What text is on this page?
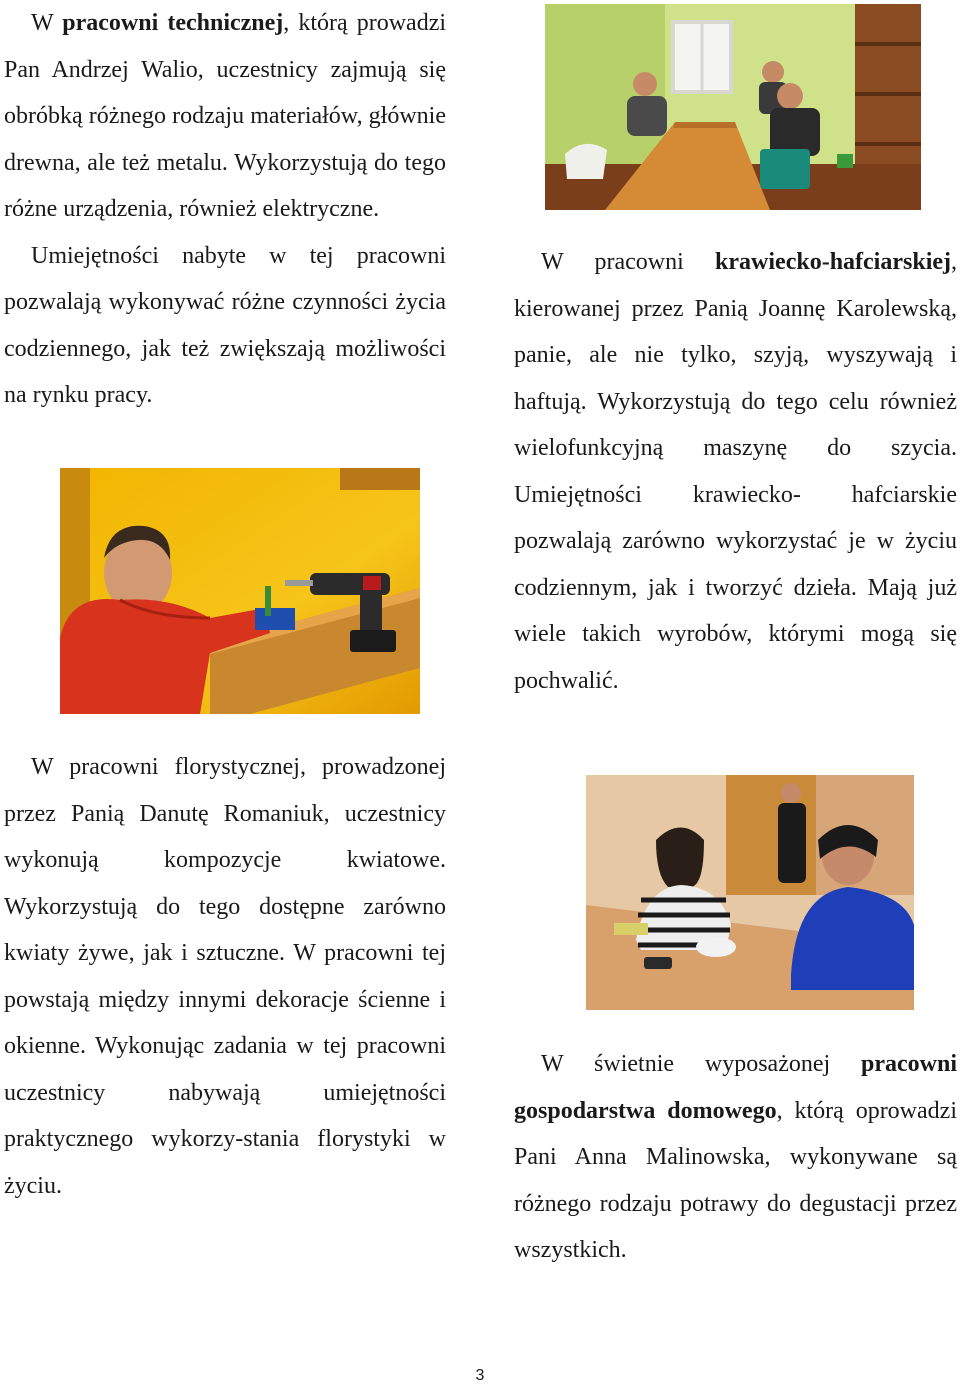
W pracowni technicznej, którą prowadzi Pan Andrzej Walio, uczestnicy zajmują się obróbką różnego rodzaju materiałów, głównie drewna, ale też metalu. Wykorzystują do tego różne urządzenia, również elektryczne.

Umiejętności nabyte w tej pracowni pozwalają wykonywać różne czynności życia codziennego, jak też zwiększają możliwości na rynku pracy.

W pracowni florystycznej, prowadzonej przez Panią Danutę Romaniuk, uczestnicy wykonują kompozycje kwiatowe. Wykorzystują do tego dostępne zarówno kwiaty żywe, jak i sztuczne. W pracowni tej powstają między innymi dekoracje ścienne i okienne. Wykonując zadania w tej pracowni uczestnicy nabywają umiejętności praktycznego wykorzy-stania florystyki w życiu.

W pracowni krawiecko-hafciarskiej, kierowanej przez Panią Joannę Karolewską, panie, ale nie tylko, szyją, wyszywają i haftują. Wykorzystują do tego celu również wielofunkcyjną maszynę do szycia. Umiejętności krawiecko- hafciarskie pozwalają zarówno wykorzystać je w życiu codziennym, jak i tworzyć dzieła. Mają już wiele takich wyrobów, którymi mogą się pochwalić.

W świetnie wyposażonej pracowni gospodarstwa domowego, którą oprowadzi Pani Anna Malinowska, wykonywane są różnego rodzaju potrawy do degustacji przez wszystkich.

3
